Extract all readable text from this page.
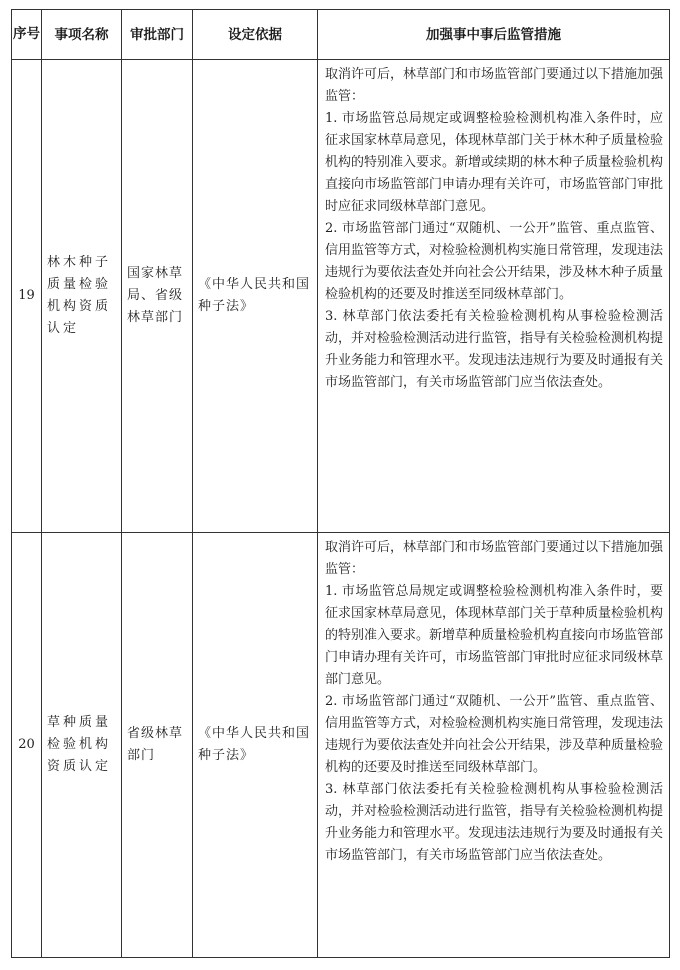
序号	事项名称	审批部门	设定依据	加强事中事后监管措施
19	林木种子质量检验机构资质认定	国家林草局、省级林草部门	《中华人民共和国种子法》	取消许可后，林草部门和市场监管部门要通过以下措施加强监管：

1. 市场监管总局规定或调整检验检测机构准入条件时，应征求国家林草局意见，体现林草部门关于林木种子质量检验机构的特别准入要求。新增或续期的林木种子质量检验机构直接向市场监管部门申请办理有关许可，市场监管部门审批时应征求同级林草部门意见。

2. 市场监管部门通过“双随机、一公开”监管、重点监管、信用监管等方式，对检验检测机构实施日常管理，发现违法违规行为要依法查处并向社会公开结果，涉及林木种子质量检验机构的还要及时推送至同级林草部门。

3. 林草部门依法委托有关检验检测机构从事检验检测活动，并对检验检测活动进行监管，指导有关检验检测机构提升业务能力和管理水平。发现违法违规行为要及时通报有关市场监管部门，有关市场监管部门应当依法查处。

20	草种质量检验机构资质认定	省级林草部门	《中华人民共和国种子法》	取消许可后，林草部门和市场监管部门要通过以下措施加强监管：

1. 市场监管总局规定或调整检验检测机构准入条件时，要征求国家林草局意见，体现林草部门关于草种质量检验机构的特别准入要求。新增草种质量检验机构直接向市场监管部门申请办理有关许可，市场监管部门审批时应征求同级林草部门意见。

2. 市场监管部门通过“双随机、一公开”监管、重点监管、信用监管等方式，对检验检测机构实施日常管理，发现违法违规行为要依法查处并向社会公开结果，涉及草种质量检验机构的还要及时推送至同级林草部门。

3. 林草部门依法委托有关检验检测机构从事检验检测活动，并对检验检测活动进行监管，指导有关检验检测机构提升业务能力和管理水平。发现违法违规行为要及时通报有关市场监管部门，有关市场监管部门应当依法查处。
